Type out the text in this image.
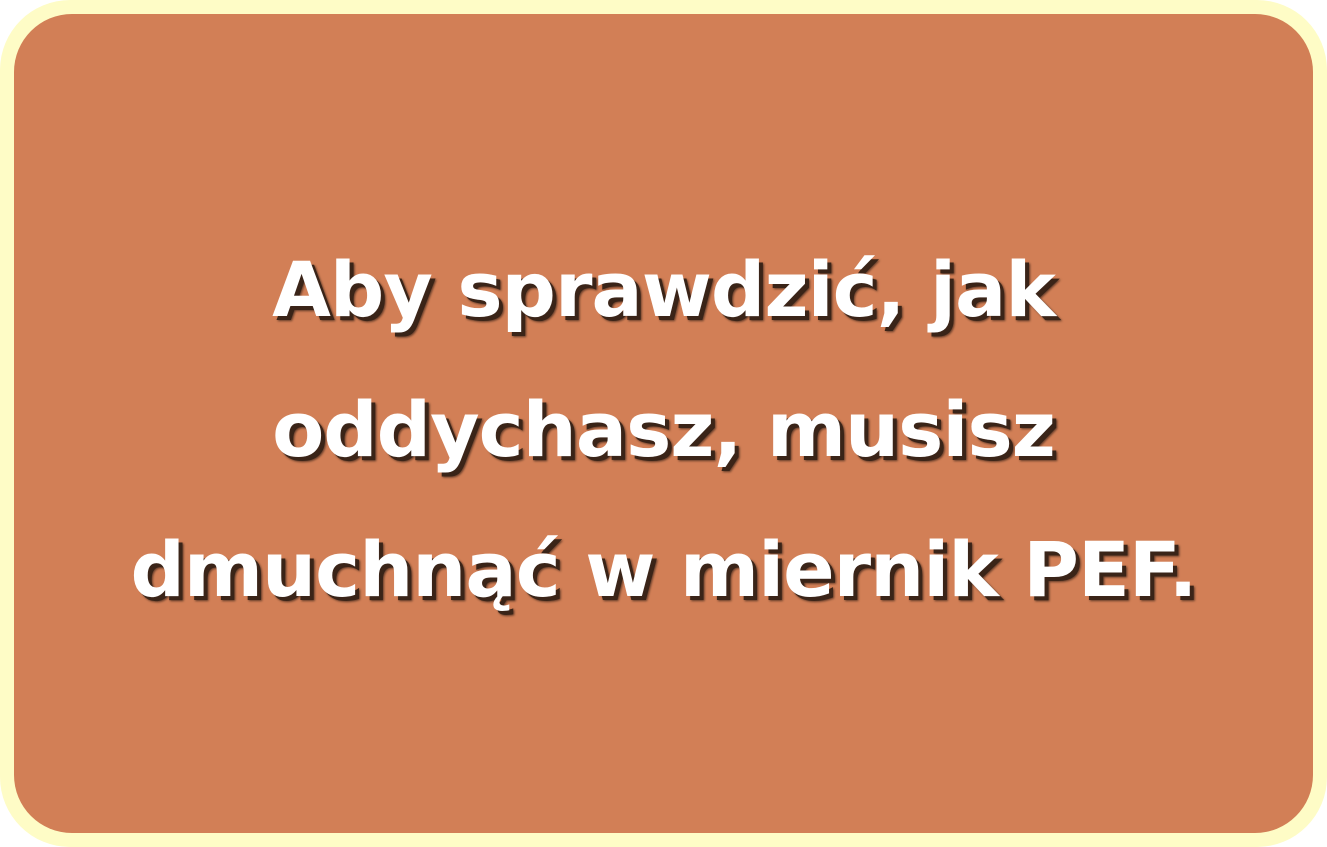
Aby sprawdzić, jak
oddychasz, musisz
dmuchnąć w miernik PEF.
